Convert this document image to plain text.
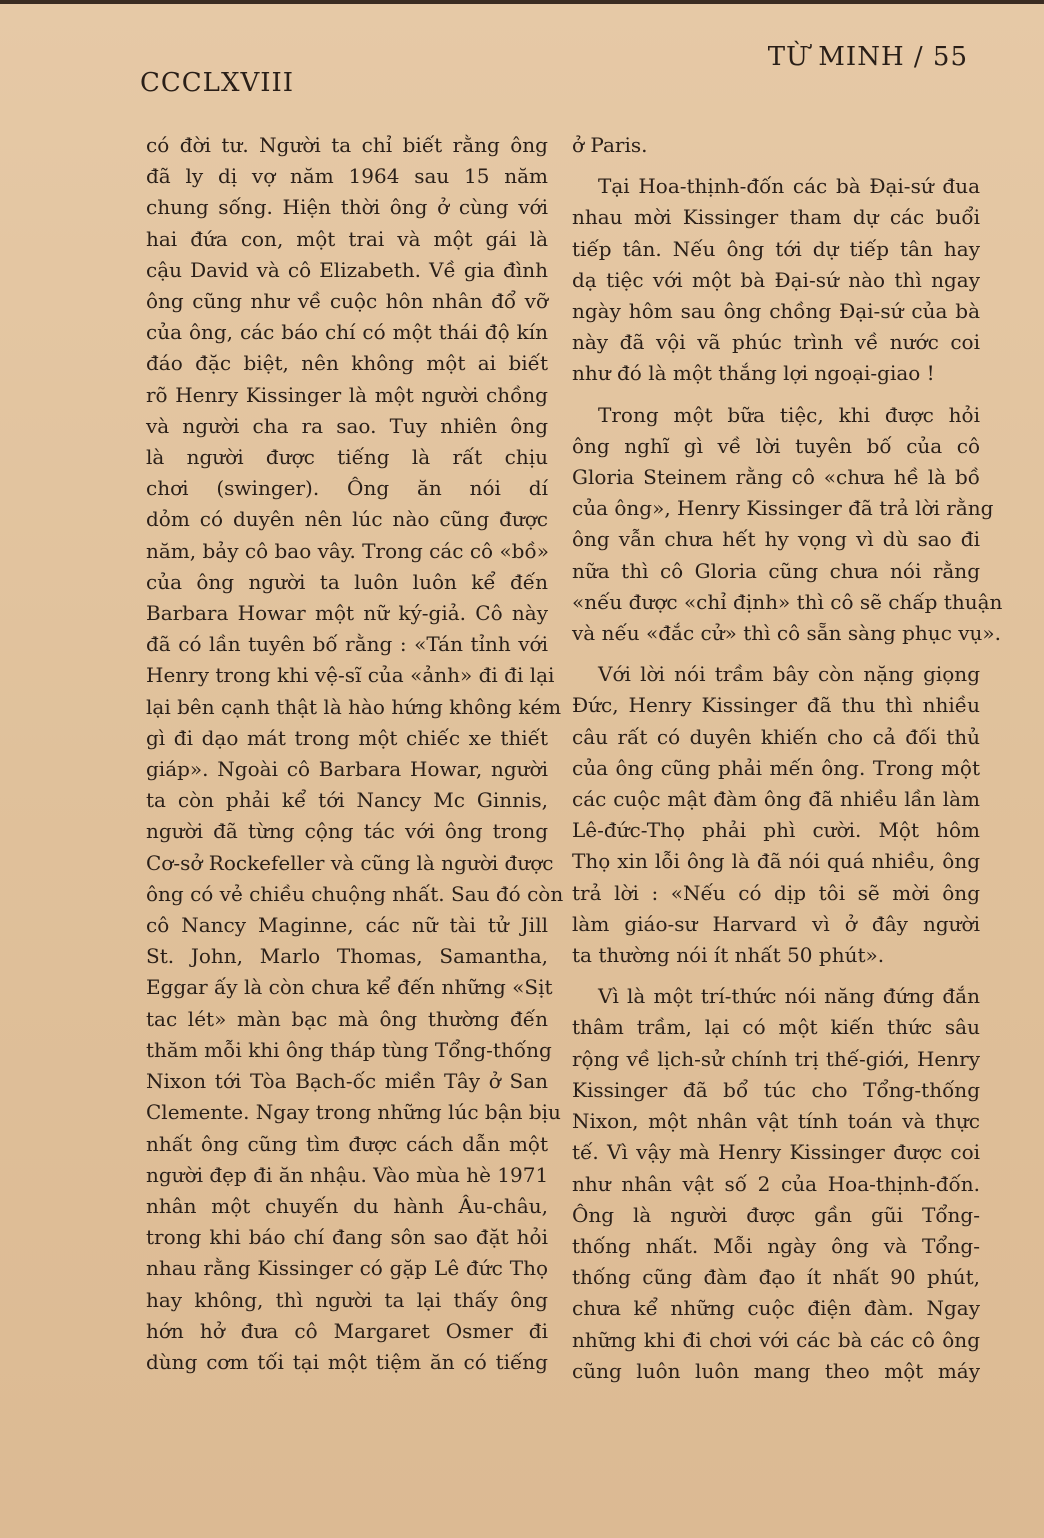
CCCLXVIII
TỪ MINH / 55
có đời tư. Người ta chỉ biết rằng ông
đã ly dị vợ năm 1964 sau 15 năm
chung sống. Hiện thời ông ở cùng với
hai đứa con, một trai và một gái là
cậu David và cô Elizabeth. Về gia đình
ông cũng như về cuộc hôn nhân đổ vỡ
của ông, các báo chí có một thái độ kín
đáo đặc biệt, nên không một ai biết
rõ Henry Kissinger là một người chồng
và người cha ra sao. Tuy nhiên ông
là người được tiếng là rất chịu
chơi (swinger). Ông ăn nói dí
dỏm có duyên nên lúc nào cũng được
năm, bảy cô bao vây. Trong các cô «bồ»
của ông người ta luôn luôn kể đến
Barbara Howar một nữ ký-giả. Cô này
đã có lần tuyên bố rằng : «Tán tỉnh với
Henry trong khi vệ-sĩ của «ảnh» đi đi lại
lại bên cạnh thật là hào hứng không kém
gì đi dạo mát trong một chiếc xe thiết
giáp». Ngoài cô Barbara Howar, người
ta còn phải kể tới Nancy Mc Ginnis,
người đã từng cộng tác với ông trong
Cơ-sở Rockefeller và cũng là người được
ông có vẻ chiều chuộng nhất. Sau đó còn
cô Nancy Maginne, các nữ tài tử Jill
St. John, Marlo Thomas, Samantha,
Eggar ấy là còn chưa kể đến những «Sịt
tac lét» màn bạc mà ông thường đến
thăm mỗi khi ông tháp tùng Tổng-thống
Nixon tới Tòa Bạch-ốc miền Tây ở San
Clemente. Ngay trong những lúc bận bịu
nhất ông cũng tìm được cách dẫn một
người đẹp đi ăn nhậu. Vào mùa hè 1971
nhân một chuyến du hành Âu-châu,
trong khi báo chí đang sôn sao đặt hỏi
nhau rằng Kissinger có gặp Lê đức Thọ
hay không, thì người ta lại thấy ông
hớn hở đưa cô Margaret Osmer đi
dùng cơm tối tại một tiệm ăn có tiếng
ở Paris.
Tại Hoa-thịnh-đốn các bà Đại-sứ đua
nhau mời Kissinger tham dự các buổi
tiếp tân. Nếu ông tới dự tiếp tân hay
dạ tiệc với một bà Đại-sứ nào thì ngay
ngày hôm sau ông chồng Đại-sứ của bà
này đã vội vã phúc trình về nước coi
như đó là một thắng lợi ngoại-giao !
Trong một bữa tiệc, khi được hỏi
ông nghĩ gì về lời tuyên bố của cô
Gloria Steinem rằng cô «chưa hề là bồ
của ông», Henry Kissinger đã trả lời rằng
ông vẫn chưa hết hy vọng vì dù sao đi
nữa thì cô Gloria cũng chưa nói rằng
«nếu được «chỉ định» thì cô sẽ chấp thuận
và nếu «đắc cử» thì cô sẵn sàng phục vụ».
Với lời nói trầm bây còn nặng giọng
Đức, Henry Kissinger đã thu thì nhiều
câu rất có duyên khiến cho cả đối thủ
của ông cũng phải mến ông. Trong một
các cuộc mật đàm ông đã nhiều lần làm
Lê-đức-Thọ phải phì cười. Một hôm
Thọ xin lỗi ông là đã nói quá nhiều, ông
trả lời : «Nếu có dịp tôi sẽ mời ông
làm giáo-sư Harvard vì ở đây người
ta thường nói ít nhất 50 phút».
Vì là một trí-thức nói năng đứng đắn
thâm trầm, lại có một kiến thức sâu
rộng về lịch-sử chính trị thế-giới, Henry
Kissinger đã bổ túc cho Tổng-thống
Nixon, một nhân vật tính toán và thực
tế. Vì vậy mà Henry Kissinger được coi
như nhân vật số 2 của Hoa-thịnh-đốn.
Ông là người được gần gũi Tổng-
thống nhất. Mỗi ngày ông và Tổng-
thống cũng đàm đạo ít nhất 90 phút,
chưa kể những cuộc điện đàm. Ngay
những khi đi chơi với các bà các cô ông
cũng luôn luôn mang theo một máy
